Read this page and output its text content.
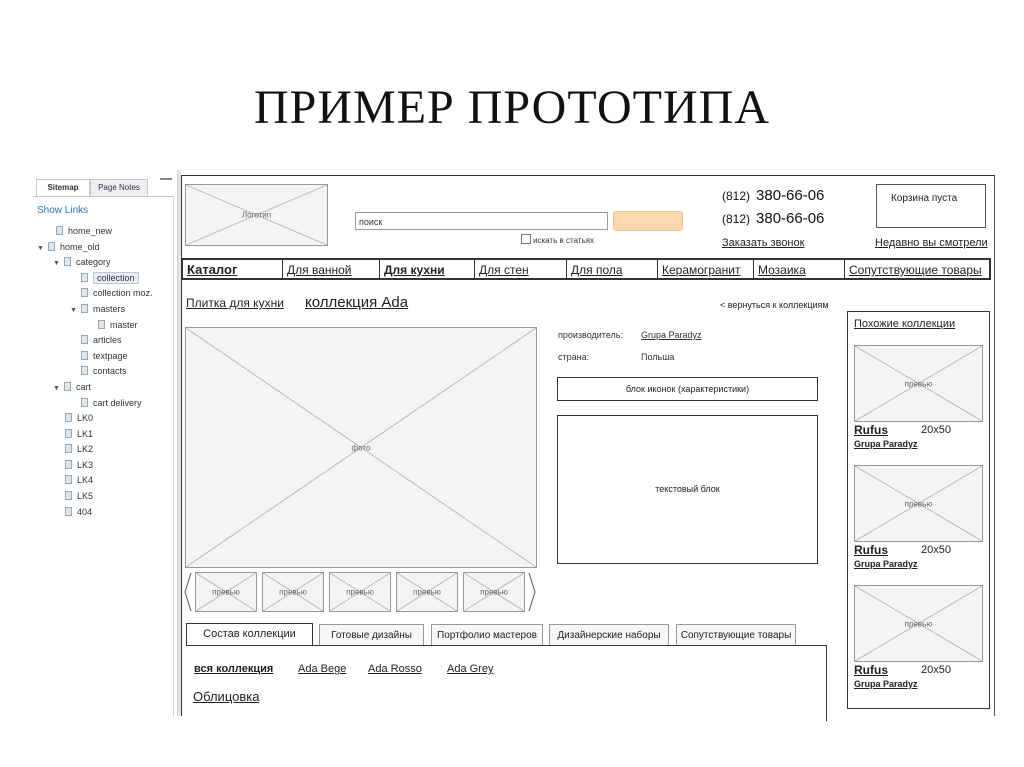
ПРИМЕР ПРОТОТИПА
Sitemap	Page Notes
Show Links
home_new
▼ home_old
▼ category
collection
collection moz.
▼ masters
master
articles
textpage
contacts
▼ cart
cart delivery
LK0
LK1
LK2
LK3
LK4
LK5
404
Логотип
поиск
искать в статьях
(812) 380-66-06
(812) 380-66-06
Заказать звонок
Корзина пуста
Недавно вы смотрели
Каталог	Для ванной	Для кухни	Для стен	Для пола	Керамогранит Мозаика	Сопутствующие товары
Плитка для кухни коллекция Ada	< вернуться к коллекциям
фото
превью	превью	превью	превью	превью
производитель: Grupa Paradyz
страна:	Польша
блок иконок (характеристики)
текстовый блок
Состав коллекции	Готовые дизайны	Портфолио мастеров	Дизайнерские наборы	Сопутствующие товары
вся коллекция Ada Bege Ada Rosso Ada Grey
Облицовка
Похожие коллекции
превью
Rufus	20x50
Grupa Paradyz
превью
Rufus	20x50
Grupa Paradyz
превью
Rufus	20x50
Grupa Paradyz
